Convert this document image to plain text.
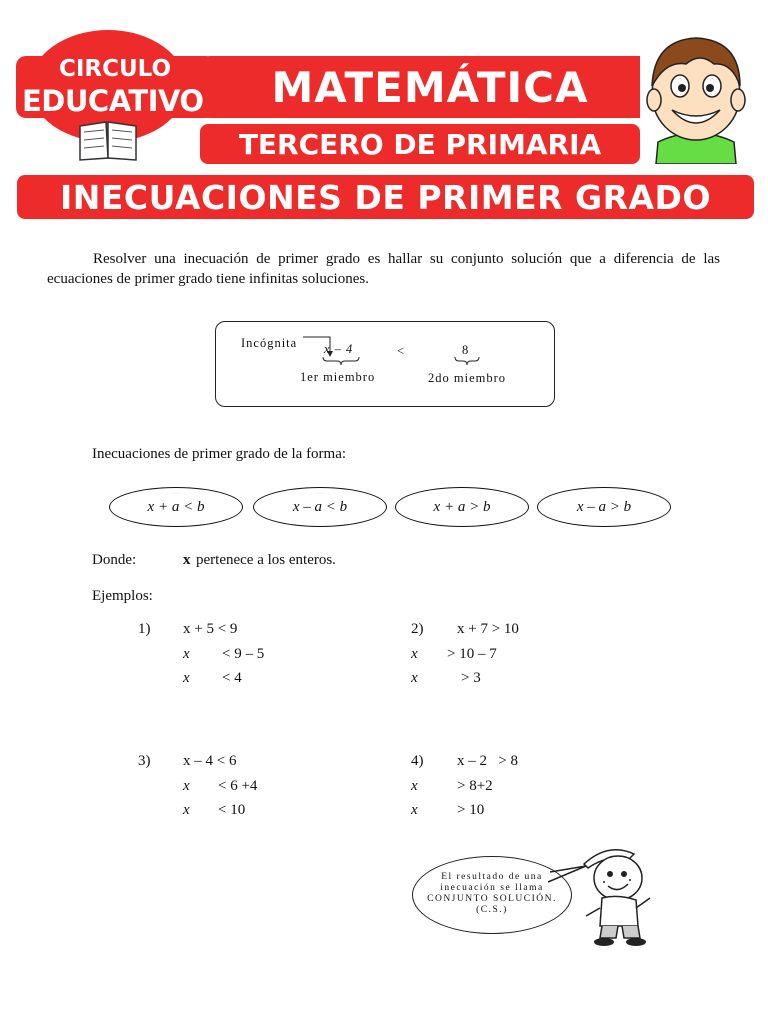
CIRCULO
EDUCATIVO	MATEMÁTICA
TERCERO DE PRIMARIA
INECUACIONES DE PRIMER GRADO
Resolver una inecuación de primer grado es hallar su conjunto solución que a diferencia de las ecuaciones de primer grado tiene infinitas soluciones.
Incógnita x – 4	<	8
1er miembro	2do miembro
Inecuaciones de primer grado de la forma:
x + a < b	x – a < b	x + a > b	x – a > b
Donde:	x pertenece a los enteros.
Ejemplos:
1) x + 5 < 9
x < 9 – 5
x < 4
2) x + 7 > 10
x > 10 – 7
x	> 3
3) x – 4 < 6
x < 6 +4
x < 10
4) x – 2   > 8
x	> 8+2
x	> 10
El resultado de una
inecuación se llama
CONJUNTO SOLUCIÓN.
(C.S.)
